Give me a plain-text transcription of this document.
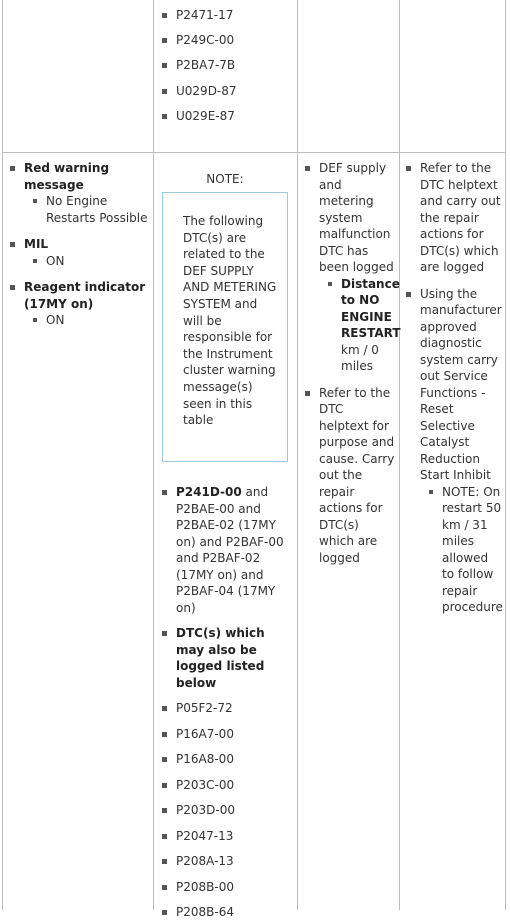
P2471-17
P249C-00
P2BA7-7B
U029D-87
U029E-87
Red warning message
No Engine Restarts Possible
MIL
ON
Reagent indicator (17MY on)
ON

NOTE:

The following DTC(s) are related to the DEF SUPPLY AND METERING SYSTEM and will be responsible for the Instrument cluster warning message(s) seen in this table
P241D-00 and P2BAE-00 and P2BAE-02 (17MY on) and P2BAF-00 and P2BAF-02 (17MY on) and P2BAF-04 (17MY on)
DTC(s) which may also be logged listed below
P05F2-72
P16A7-00
P16A8-00
P203C-00
P203D-00
P2047-13
P208A-13
P208B-00
P208B-64
DEF supply and metering system malfunction DTC has been logged
Distance to NO ENGINE RESTART km / 0 miles
Refer to the DTC helptext for purpose and cause. Carry out the repair actions for DTC(s) which are logged
Refer to the DTC helptext and carry out the repair actions for DTC(s) which are logged
Using the manufacturer approved diagnostic system carry out Service Functions - Reset Selective Catalyst Reduction Start Inhibit
NOTE: On restart 50 km / 31 miles allowed to follow repair procedure
